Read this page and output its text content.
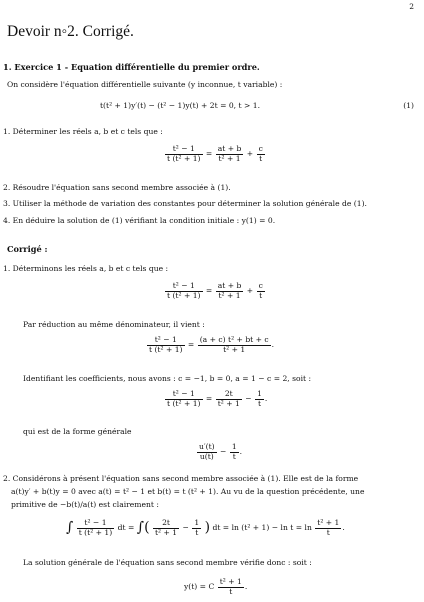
2
Devoir n◦2. Corrigé.
1. Exercice 1 - Equation différentielle du premier ordre.
On considère l'équation différentielle suivante (y inconnue, t variable) :
t(t² + 1)y′(t) − (t² − 1)y(t) + 2t = 0, t > 1.	(1)
1. Déterminer les réels a, b et c tels que :
$\frac{\text{t² − 1}}{\text{t (t² + 1)}} = \frac{at + b}{\text{t² + 1}} + \frac{c}{t}$
2. Résoudre l'équation sans second membre associée à (1).
3. Utiliser la méthode de variation des constantes pour déterminer la solution générale de (1).
4. En déduire la solution de (1) vérifiant la condition initiale : y(1) = 0.
Corrigé :
1. Déterminons les réels a, b et c tels que :
$\frac{\text{t² − 1}}{\text{t (t² + 1)}} = \frac{at + b}{\text{t² + 1}} + \frac{c}{t}$
Par réduction au même dénominateur, il vient :
$\frac{\text{t² − 1}}{\text{t (t² + 1)}} = \frac{\text{(a + c) t² + bt + c}}{\text{t² + 1}}$ .
Identifiant les coefficients, nous avons : c = −1, b = 0, a = 1 − c = 2, soit :
$\frac{\text{t² − 1}}{\text{t (t² + 1)}} = \frac{2t}{\text{t² + 1}} - \frac{1}{t}$ .
qui est de la forme générale
$\frac{u'(t)}{u(t)} - \frac{1}{t}$ .
2. Considérons à présent l'équation sans second membre associée à (1). Elle est de la forme
a(t)y′ + b(t)y = 0 avec a(t) = t² − 1 et b(t) = t (t² + 1). Au vu de la question précédente, une
primitive de −b(t)/a(t) est clairement :
∫ $\frac{\text{t² − 1}}{\text{t (t² + 1)}}$ dt = ∫( $\frac{2t}{\text{t² + 1}} - \frac{1}{t}$ ) dt = $\ln (t^2 + 1) - \ln t = \ln \frac{\text{t² + 1}}{t}$ .
La solution générale de l'équation sans second membre vérifie donc : soit :
y(t) = C $\frac{\text{t² + 1}}{t}$ .
